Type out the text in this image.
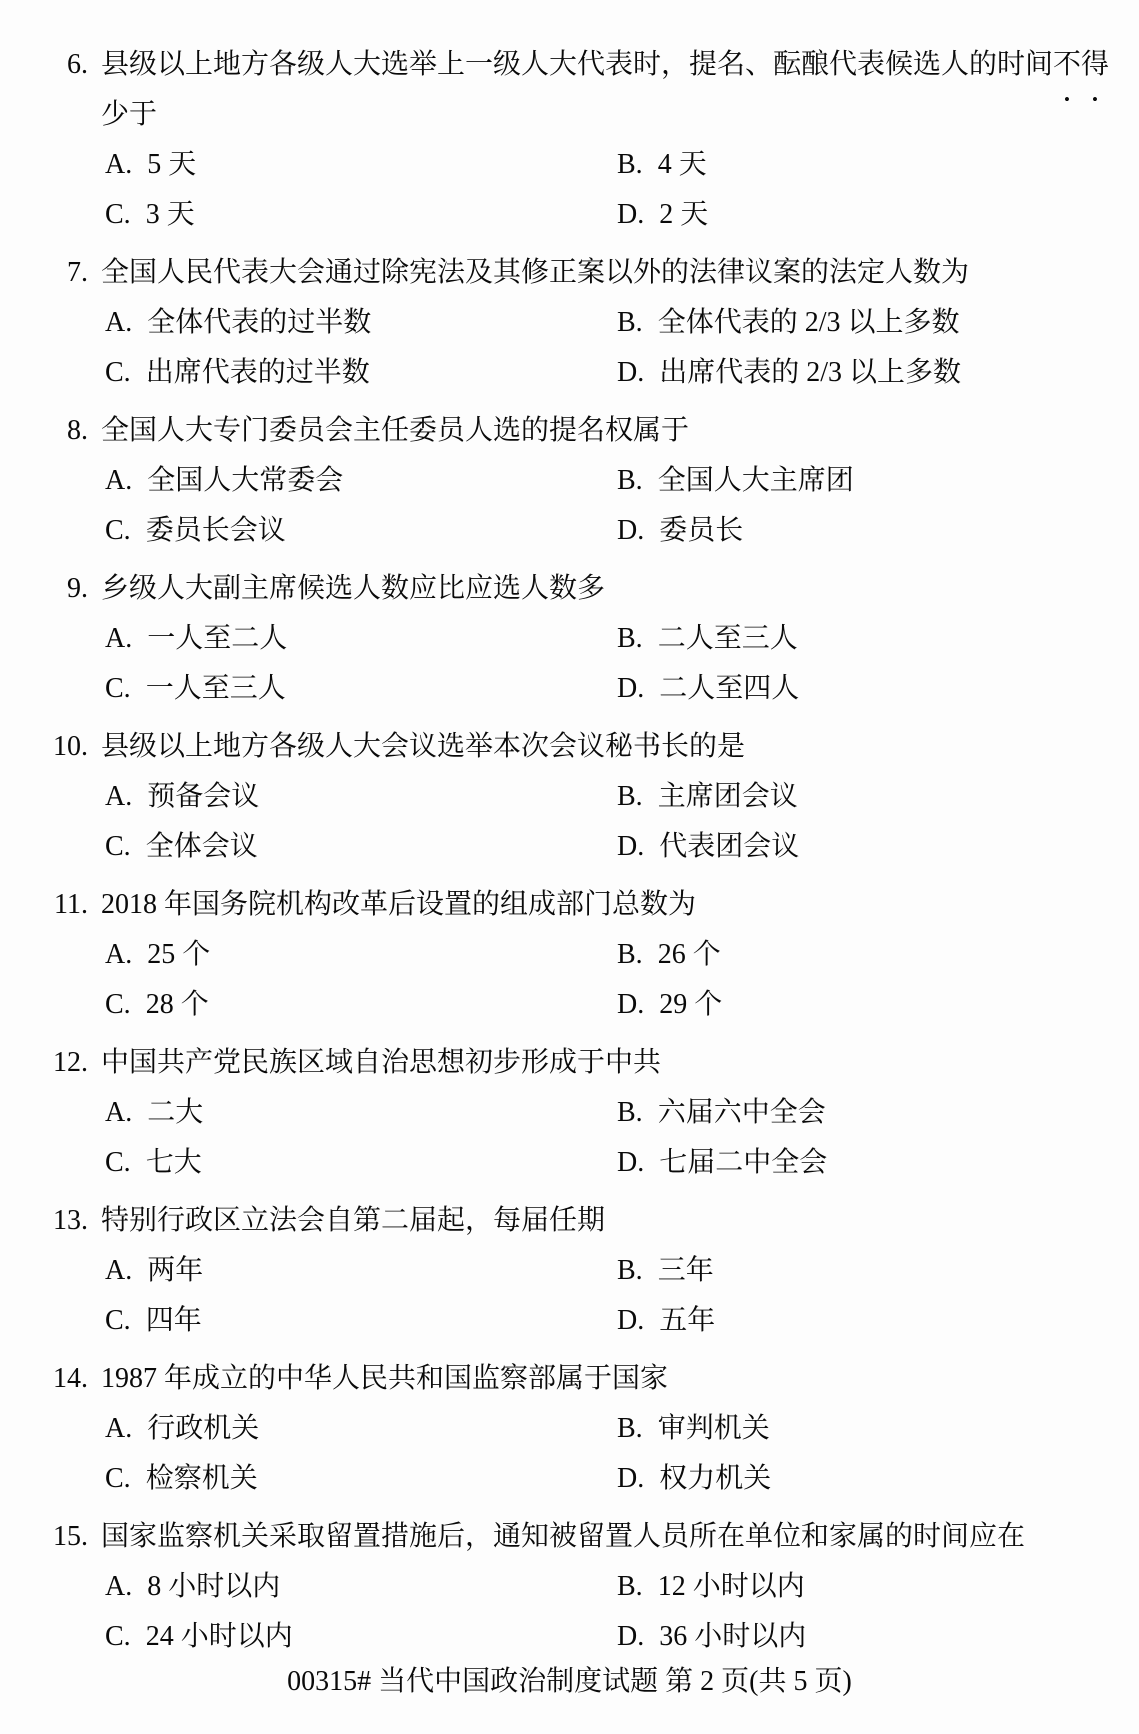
6. 县级以上地方各级人大选举上一级人大代表时，提名、酝酿代表候选人的时间不得
少于
A. 5 天	B. 4 天
C. 3 天	D. 2 天
7. 全国人民代表大会通过除宪法及其修正案以外的法律议案的法定人数为
A. 全体代表的过半数	B. 全体代表的 2/3 以上多数
C. 出席代表的过半数	D. 出席代表的 2/3 以上多数
8. 全国人大专门委员会主任委员人选的提名权属于
A. 全国人大常委会	B. 全国人大主席团
C. 委员长会议	D. 委员长
9. 乡级人大副主席候选人数应比应选人数多
A. 一人至二人	B. 二人至三人
C. 一人至三人	D. 二人至四人
10. 县级以上地方各级人大会议选举本次会议秘书长的是
A. 预备会议	B. 主席团会议
C. 全体会议	D. 代表团会议
11. 2018 年国务院机构改革后设置的组成部门总数为
A. 25 个	B. 26 个
C. 28 个	D. 29 个
12. 中国共产党民族区域自治思想初步形成于中共
A. 二大	B. 六届六中全会
C. 七大	D. 七届二中全会
13. 特别行政区立法会自第二届起，每届任期
A. 两年	B. 三年
C. 四年	D. 五年
14. 1987 年成立的中华人民共和国监察部属于国家
A. 行政机关	B. 审判机关
C. 检察机关	D. 权力机关
15. 国家监察机关采取留置措施后，通知被留置人员所在单位和家属的时间应在
A. 8 小时以内	B. 12 小时以内
C. 24 小时以内	D. 36 小时以内
00315# 当代中国政治制度试题 第 2 页(共 5 页)
